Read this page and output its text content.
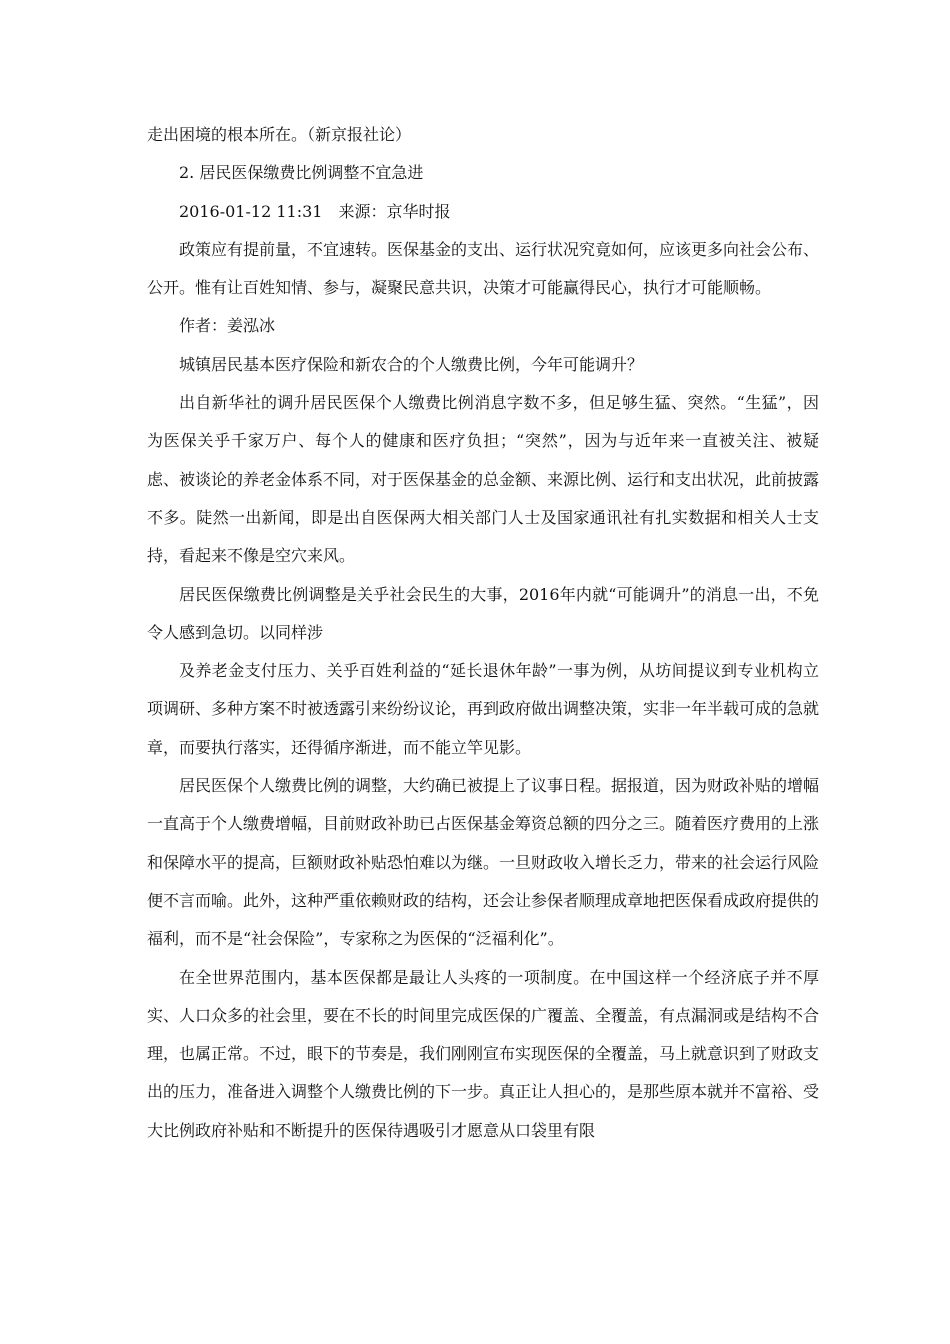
走出困境的根本所在。（新京报社论）

2. 居民医保缴费比例调整不宜急进

2016-01-12 11:31　来源：京华时报

政策应有提前量，不宜速转。医保基金的支出、运行状况究竟如何，应该更多向社会公布、公开。惟有让百姓知情、参与，凝聚民意共识，决策才可能赢得民心，执行才可能顺畅。

作者：姜泓冰

城镇居民基本医疗保险和新农合的个人缴费比例，今年可能调升？

出自新华社的调升居民医保个人缴费比例消息字数不多，但足够生猛、突然。“生猛”，因为医保关乎千家万户、每个人的健康和医疗负担；“突然”，因为与近年来一直被关注、被疑虑、被谈论的养老金体系不同，对于医保基金的总金额、来源比例、运行和支出状况，此前披露不多。陡然一出新闻，即是出自医保两大相关部门人士及国家通讯社有扎实数据和相关人士支持，看起来不像是空穴来风。

居民医保缴费比例调整是关乎社会民生的大事，2016年内就“可能调升”的消息一出，不免令人感到急切。以同样涉

及养老金支付压力、关乎百姓利益的“延长退休年龄”一事为例，从坊间提议到专业机构立项调研、多种方案不时被透露引来纷纷议论，再到政府做出调整决策，实非一年半载可成的急就章，而要执行落实，还得循序渐进，而不能立竿见影。

居民医保个人缴费比例的调整，大约确已被提上了议事日程。据报道，因为财政补贴的增幅一直高于个人缴费增幅，目前财政补助已占医保基金筹资总额的四分之三。随着医疗费用的上涨和保障水平的提高，巨额财政补贴恐怕难以为继。一旦财政收入增长乏力，带来的社会运行风险便不言而喻。此外，这种严重依赖财政的结构，还会让参保者顺理成章地把医保看成政府提供的福利，而不是“社会保险”，专家称之为医保的“泛福利化”。

在全世界范围内，基本医保都是最让人头疼的一项制度。在中国这样一个经济底子并不厚实、人口众多的社会里，要在不长的时间里完成医保的广覆盖、全覆盖，有点漏洞或是结构不合理，也属正常。不过，眼下的节奏是，我们刚刚宣布实现医保的全覆盖，马上就意识到了财政支出的压力，准备进入调整个人缴费比例的下一步。真正让人担心的，是那些原本就并不富裕、受大比例政府补贴和不断提升的医保待遇吸引才愿意从口袋里有限
